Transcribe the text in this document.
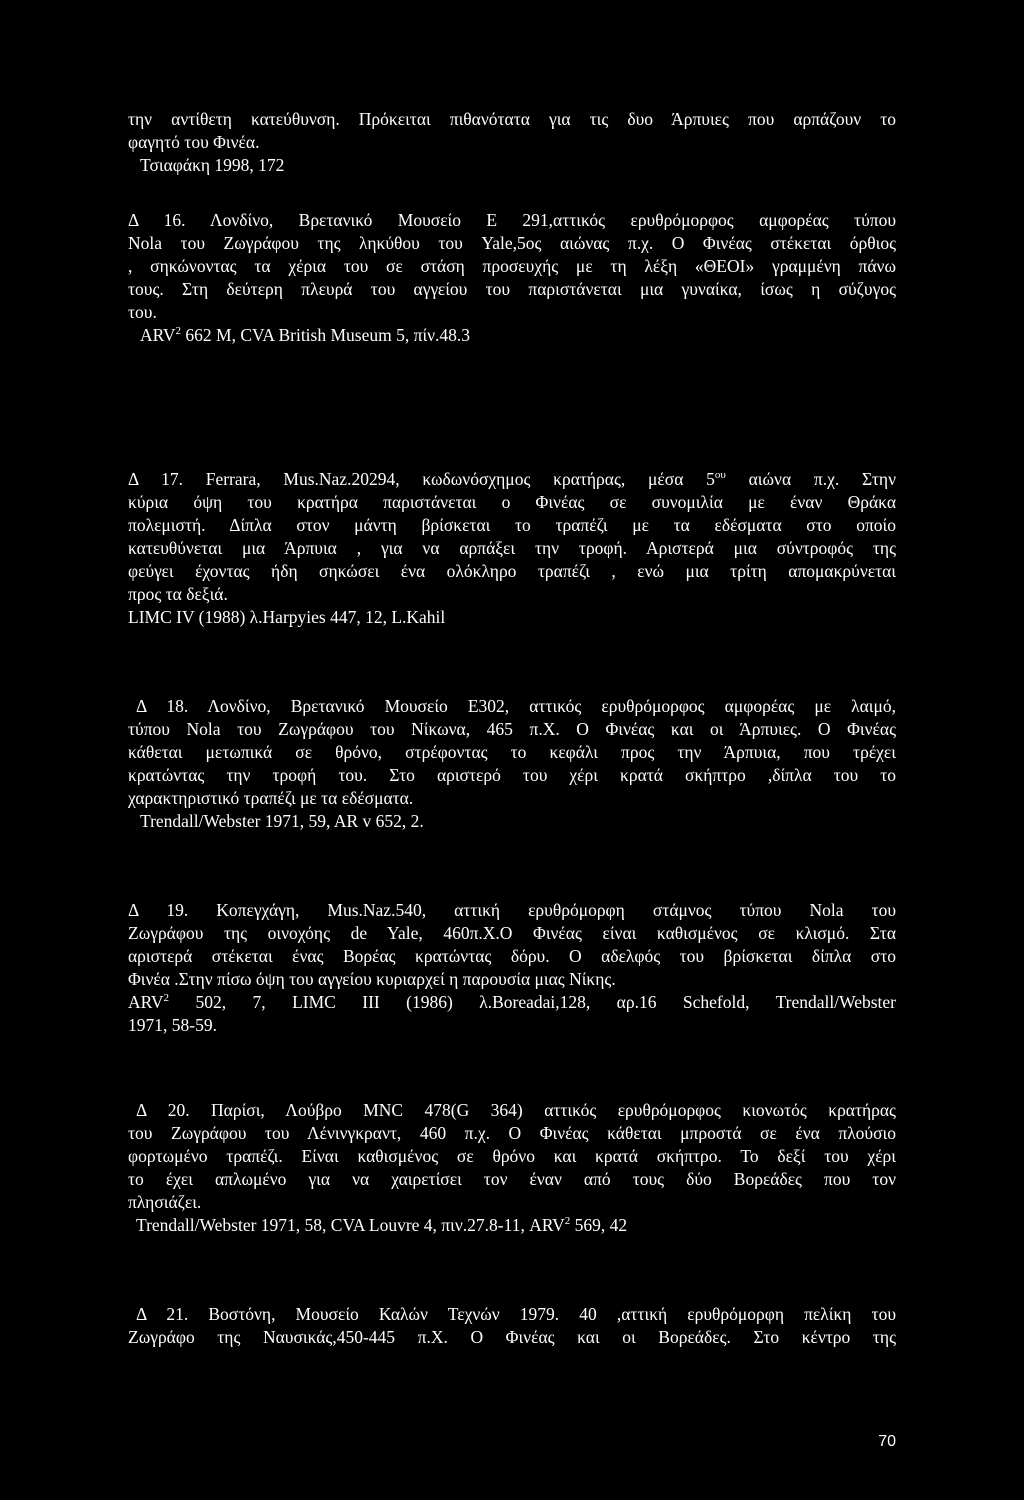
την αντίθετη κατεύθυνση. Πρόκειται πιθανότατα για τις δυο Άρπυιες που αρπάζουν το
φαγητό του Φινέα.
Τσιαφάκη 1998, 172
Δ 16. Λονδίνο, Βρετανικό Μουσείο Ε 291,αττικός ερυθρόμορφος αμφορέας τύπου
Nola του Ζωγράφου της ληκύθου του Yale,5ος αιώνας π.χ. Ο Φινέας στέκεται όρθιος
, σηκώνοντας τα χέρια του σε στάση προσευχής με τη λέξη «ΘΕΟΙ» γραμμένη πάνω
τους. Στη δεύτερη πλευρά του αγγείου του παριστάνεται μια γυναίκα, ίσως η σύζυγος
του.
ARV$^2$ 662 M, CVA British Museum 5, πίν.48.3
Δ 17. Ferrara, Mus.Naz.20294, κωδωνόσχημος κρατήρας, μέσα $5^{o\upsilon}$ αιώνα π.χ. Στην
κύρια όψη του κρατήρα παριστάνεται ο Φινέας σε συνομιλία με έναν Θράκα
πολεμιστή. Δίπλα στον μάντη βρίσκεται το τραπέζι με τα εδέσματα στο οποίο
κατευθύνεται μια Άρπυια , για να αρπάξει την τροφή. Αριστερά μια σύντροφός της
φεύγει έχοντας ήδη σηκώσει ένα ολόκληρο τραπέζι , ενώ μια τρίτη απομακρύνεται
προς τα δεξιά.
LIMC IV (1988) λ.Harpyies 447, 12, L.Kahil
Δ 18. Λονδίνο, Βρετανικό Μουσείο Ε302, αττικός ερυθρόμορφος αμφορέας με λαιμό,
τύπου Nola του Ζωγράφου του Νίκωνα, 465 π.Χ. Ο Φινέας και οι Άρπυιες. Ο Φινέας
κάθεται μετωπικά σε θρόνο, στρέφοντας το κεφάλι προς την Άρπυια, που τρέχει
κρατώντας την τροφή του. Στο αριστερό του χέρι κρατά σκήπτρο ,δίπλα του το
χαρακτηριστικό τραπέζι με τα εδέσματα.
Trendall/Webster 1971, 59, AR v 652, 2.
Δ 19. Κοπεγχάγη, Mus.Naz.540, αττική ερυθρόμορφη στάμνος τύπου Nola του
Ζωγράφου της οινοχόης de Yale, 460π.Χ.Ο Φινέας είναι καθισμένος σε κλισμό. Στα
αριστερά στέκεται ένας Βορέας κρατώντας δόρυ. Ο αδελφός του βρίσκεται δίπλα στο
Φινέα .Στην πίσω όψη του αγγείου κυριαρχεί η παρουσία μιας Νίκης.
ARV$^2$ 502, 7, LIMC III (1986) λ.Boreadai,128, αρ.16 Schefold, Trendall/Webster
1971, 58-59.
Δ 20. Παρίσι, Λούβρο MNC 478(G 364) αττικός ερυθρόμορφος κιονωτός κρατήρας
του Ζωγράφου του Λένινγκραντ, 460 π.χ. Ο Φινέας κάθεται μπροστά σε ένα πλούσιο
φορτωμένο τραπέζι. Είναι καθισμένος σε θρόνο και κρατά σκήπτρο. Το δεξί του χέρι
το έχει απλωμένο για να χαιρετίσει τον έναν από τους δύο Βορεάδες που τον
πλησιάζει.
Trendall/Webster 1971, 58, CVA Louvre 4, πιν.27.8-11, ARV$^2$ 569, 42
Δ 21. Βοστόνη, Μουσείο Καλών Τεχνών 1979. 40 ,αττική ερυθρόμορφη πελίκη του
Ζωγράφο της Ναυσικάς,450-445 π.Χ. Ο Φινέας και οι Βορεάδες. Στο κέντρο της
70
